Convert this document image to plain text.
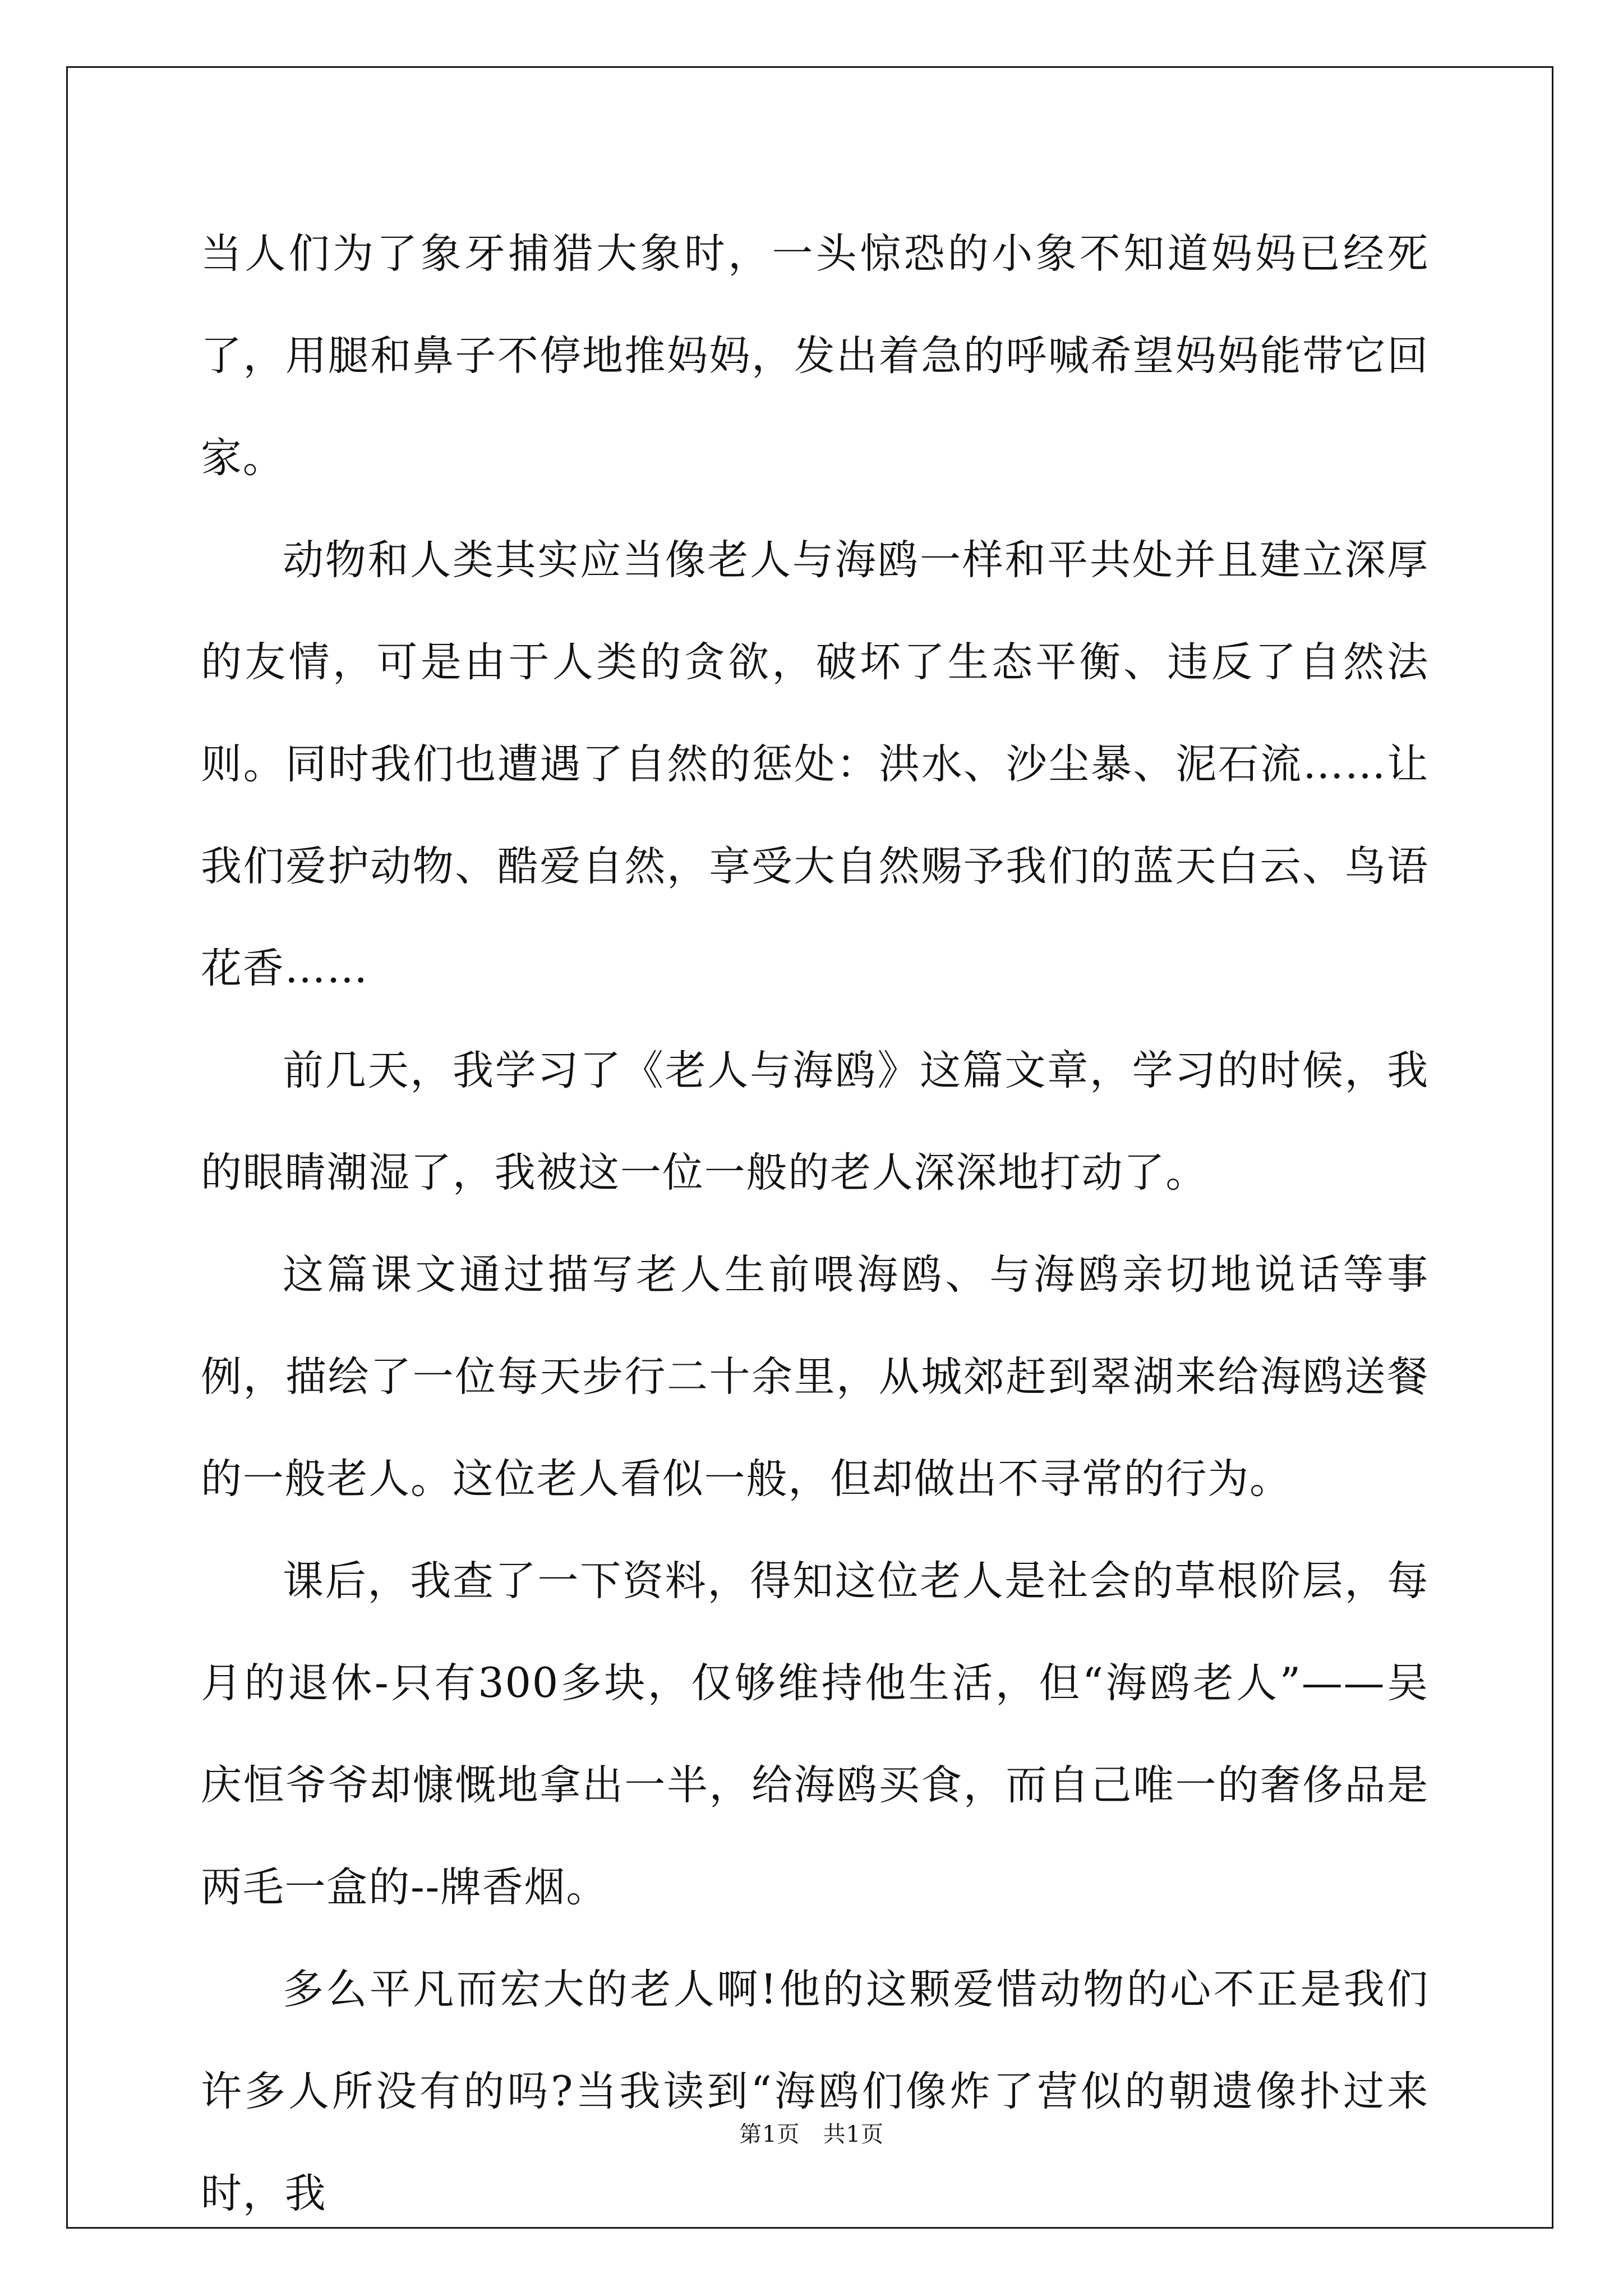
当人们为了象牙捕猎大象时，一头惊恐的小象不知道妈妈已经死了，用腿和鼻子不停地推妈妈，发出着急的呼喊希望妈妈能带它回家。

动物和人类其实应当像老人与海鸥一样和平共处并且建立深厚的友情，可是由于人类的贪欲，破坏了生态平衡、违反了自然法则。同时我们也遭遇了自然的惩处：洪水、沙尘暴、泥石流……让我们爱护动物、酷爱自然，享受大自然赐予我们的蓝天白云、鸟语花香……

前几天，我学习了《老人与海鸥》这篇文章，学习的时候，我的眼睛潮湿了，我被这一位一般的老人深深地打动了。

这篇课文通过描写老人生前喂海鸥、与海鸥亲切地说话等事例，描绘了一位每天步行二十余里，从城郊赶到翠湖来给海鸥送餐的一般老人。这位老人看似一般，但却做出不寻常的行为。

课后，我查了一下资料，得知这位老人是社会的草根阶层，每月的退休-只有300多块，仅够维持他生活，但“海鸥老人”——吴庆恒爷爷却慷慨地拿出一半，给海鸥买食，而自己唯一的奢侈品是两毛一盒的--牌香烟。

多么平凡而宏大的老人啊!他的这颗爱惜动物的心不正是我们许多人所没有的吗?当我读到“海鸥们像炸了营似的朝遗像扑过来时，我

第1页 共1页
